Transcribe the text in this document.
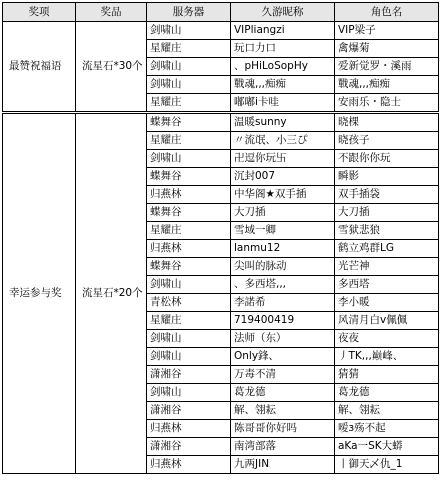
奖项	奖品	服务器	久游昵称	角色名
最赞祝福语	流星石*30个	剑啸山	VIPliangzi	VIP梁子
		星耀庄	玩口力口	禽爆菊
		剑啸山	、pHiLoSopHy	爱新觉罗・溪雨
		剑啸山	戰魂,,,痴痴	戰魂,,,痴痴
		星耀庄	嘟嘟i卡哇	安雨乐・隐士
幸运参与奖	流星石*20个	蝶舞谷	温暖sunny	晓棵
		星耀庄	〃流氓、小三ぴ	晓孩子
		剑啸山	卍逗你玩卐	不跟你你玩
		蝶舞谷	沉封007	瞬影
		归燕林	中华阁★双手插	双手插袋
		蝶舞谷	大刀插	大刀插
		星耀庄	雪域一卿	雪狱悲狼
		归燕林	lanmu12	鹤立鸡群LG
		蝶舞谷	尖叫的脉动	光芒神
		剑啸山	、多西塔,,,	多西塔
		青松林	李諾希	李小暖
		星耀庄	719400419	风清月白v佩佩
		剑啸山	法师（东）	夜夜
		剑啸山	Only鋒、	丿TK,,,巅峰、
		潇湘谷	万毒不清	猜猜
		剑啸山	葛龙德	葛龙德
		潇湘谷	解、翎耘	解、翎耘
		归燕林	陈哥哥你好吗	嗳з殇不起
		潇湘谷	南湾部落	aKa一SK大蟒
		归燕林	九两JIN	丨御天乄仇_1
